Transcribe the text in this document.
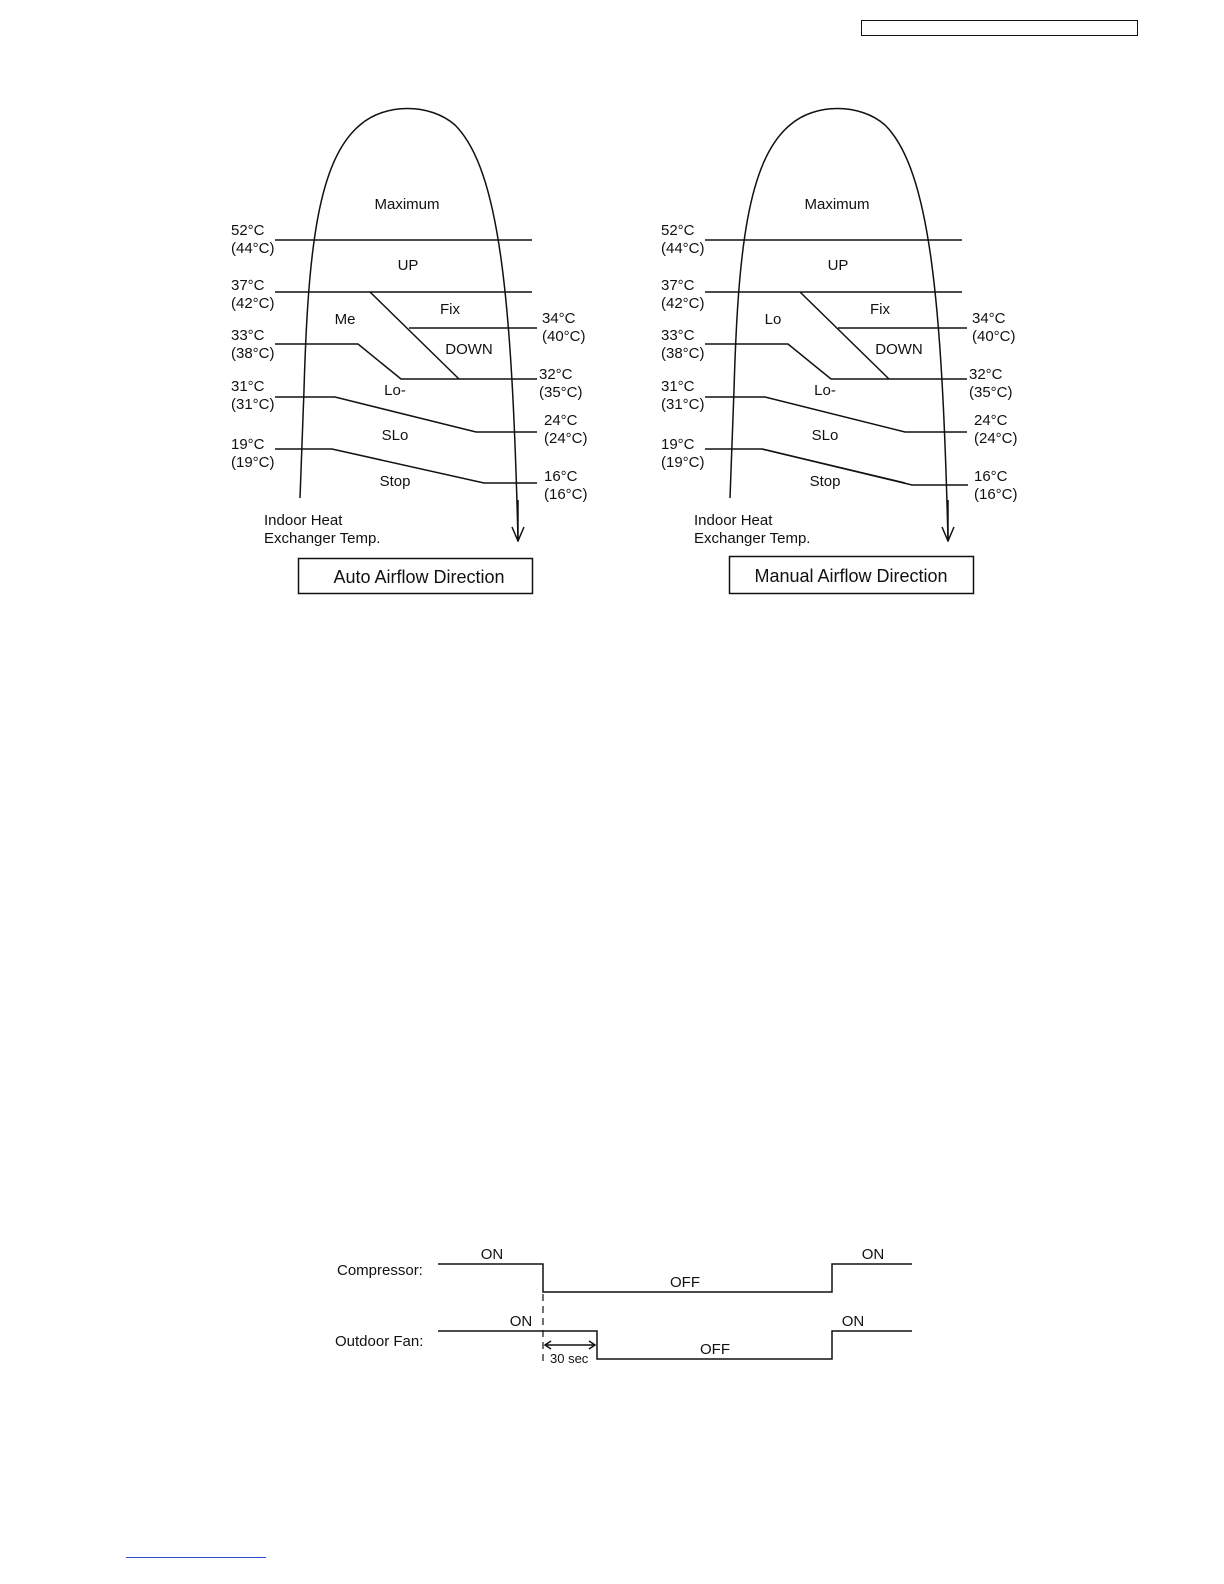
Maximum
UP
Me
Fix
DOWN
Lo-
SLo
Stop
52°C
(44°C)
37°C
(42°C)
33°C
(38°C)
31°C
(31°C)
19°C
(19°C)
34°C
(40°C)
32°C
(35°C)
24°C
(24°C)
16°C
(16°C)
Indoor Heat
Exchanger Temp.
Auto Airflow Direction
Maximum
UP
Lo
Fix
DOWN
Lo-
SLo
Stop
52°C
(44°C)
37°C
(42°C)
33°C
(38°C)
31°C
(31°C)
19°C
(19°C)
34°C
(40°C)
32°C
(35°C)
24°C
(24°C)
16°C
(16°C)
Indoor Heat
Exchanger Temp.
Manual Airflow Direction
Compressor:
ON
OFF
ON
Outdoor Fan:
ON
OFF
ON
30 sec
